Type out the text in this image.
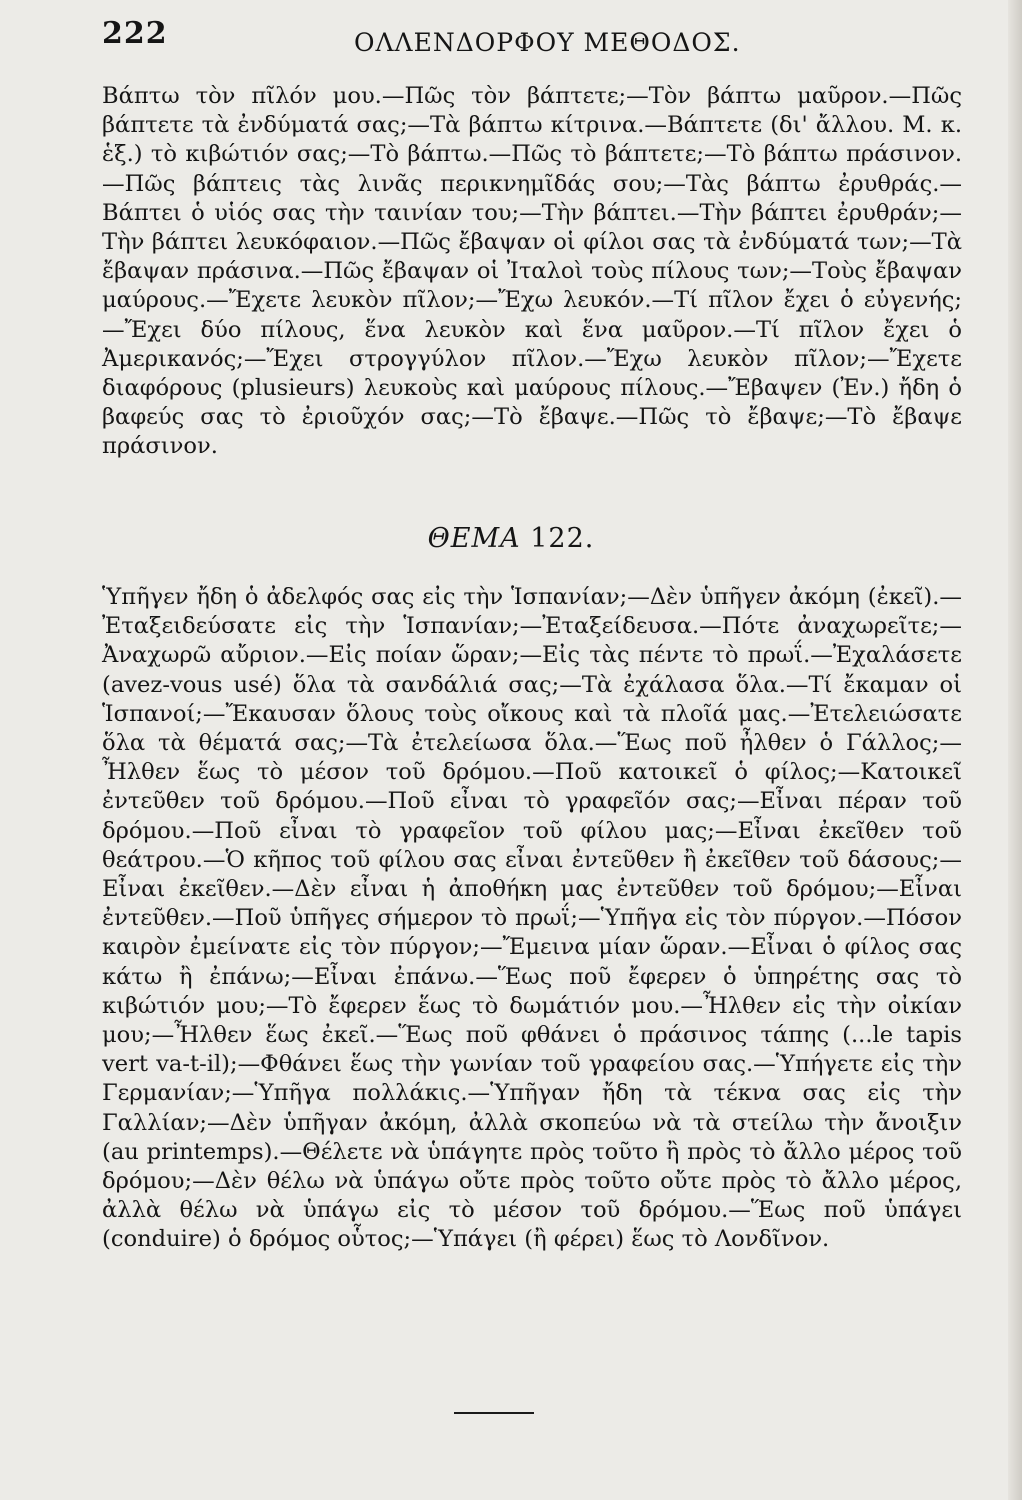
222	ΟΛΛΕΝΔΟΡΦΟΥ ΜΕΘΟΔΟΣ.

Βάπτω τὸν πῖλόν μου.—Πῶς τὸν βάπτετε;—Τὸν βάπτω μαῦρον.—Πῶς βάπτετε τὰ ἐνδύματά σας;—Τὰ βάπτω κίτρινα.—Βάπτετε (δι' ἄλλου. Μ. κ. ἑξ.) τὸ κιβώτιόν σας;—Τὸ βάπτω.—Πῶς τὸ βάπτετε;—Τὸ βάπτω πράσινον.—Πῶς βάπτεις τὰς λινᾶς περικνημῖδάς σου;—Τὰς βάπτω ἐρυθράς.—Βάπτει ὁ υἱός σας τὴν ταινίαν του;—Τὴν βάπτει.—Τὴν βάπτει ἐρυθράν;—Τὴν βάπτει λευκόφαιον.—Πῶς ἔβαψαν οἱ φίλοι σας τὰ ἐνδύματά των;—Τὰ ἔβαψαν πράσινα.—Πῶς ἔβαψαν οἱ Ἰταλοὶ τοὺς πίλους των;—Τοὺς ἔβαψαν μαύρους.—Ἔχετε λευκὸν πῖλον;—Ἔχω λευκόν.—Τί πῖλον ἔχει ὁ εὐγενής;—Ἔχει δύο πίλους, ἕνα λευκὸν καὶ ἕνα μαῦρον.—Τί πῖλον ἔχει ὁ Ἀμερικανός;—Ἔχει στρογγύλον πῖλον.—Ἔχω λευκὸν πῖλον;—Ἔχετε διαφόρους (plusieurs) λευκοὺς καὶ μαύρους πίλους.—Ἔβαψεν (Ἐν.) ἤδη ὁ βαφεύς σας τὸ ἐριοῦχόν σας;—Τὸ ἔβαψε.—Πῶς τὸ ἔβαψε;—Τὸ ἔβαψε πράσινον.

ΘΕΜΑ 122.

Ὑπῆγεν ἤδη ὁ ἀδελφός σας εἰς τὴν Ἱσπανίαν;—Δὲν ὑπῆγεν ἀκόμη (ἐκεῖ).—Ἐταξειδεύσατε εἰς τὴν Ἱσπανίαν;—Ἐταξείδευσα.—Πότε ἀναχωρεῖτε;—Ἀναχωρῶ αὔριον.—Εἰς ποίαν ὥραν;—Εἰς τὰς πέντε τὸ πρωΐ.—Ἐχαλάσετε (avez-vous usé) ὅλα τὰ σανδάλιά σας;—Τὰ ἐχάλασα ὅλα.—Τί ἔκαμαν οἱ Ἱσπανοί;—Ἔκαυσαν ὅλους τοὺς οἴκους καὶ τὰ πλοῖά μας.—Ἐτελειώσατε ὅλα τὰ θέματά σας;—Τὰ ἐτελείωσα ὅλα.—Ἕως ποῦ ἦλθεν ὁ Γάλλος;—Ἦλθεν ἕως τὸ μέσον τοῦ δρόμου.—Ποῦ κατοικεῖ ὁ φίλος;—Κατοικεῖ ἐντεῦθεν τοῦ δρόμου.—Ποῦ εἶναι τὸ γραφεῖόν σας;—Εἶναι πέραν τοῦ δρόμου.—Ποῦ εἶναι τὸ γραφεῖον τοῦ φίλου μας;—Εἶναι ἐκεῖθεν τοῦ θεάτρου.—Ὁ κῆπος τοῦ φίλου σας εἶναι ἐντεῦθεν ἢ ἐκεῖθεν τοῦ δάσους;—Εἶναι ἐκεῖθεν.—Δὲν εἶναι ἡ ἀποθήκη μας ἐντεῦθεν τοῦ δρόμου;—Εἶναι ἐντεῦθεν.—Ποῦ ὑπῆγες σήμερον τὸ πρωΐ;—Ὑπῆγα εἰς τὸν πύργον.—Πόσον καιρὸν ἐμείνατε εἰς τὸν πύργον;—Ἔμεινα μίαν ὥραν.—Εἶναι ὁ φίλος σας κάτω ἢ ἐπάνω;—Εἶναι ἐπάνω.—Ἕως ποῦ ἔφερεν ὁ ὑπηρέτης σας τὸ κιβώτιόν μου;—Τὸ ἔφερεν ἕως τὸ δωμάτιόν μου.—Ἦλθεν εἰς τὴν οἰκίαν μου;—Ἦλθεν ἕως ἐκεῖ.—Ἕως ποῦ φθάνει ὁ πράσινος τάπης (...le tapis vert va-t-il);—Φθάνει ἕως τὴν γωνίαν τοῦ γραφείου σας.—Ὑπήγετε εἰς τὴν Γερμανίαν;—Ὑπῆγα πολλάκις.—Ὑπῆγαν ἤδη τὰ τέκνα σας εἰς τὴν Γαλλίαν;—Δὲν ὑπῆγαν ἀκόμη, ἀλλὰ σκοπεύω νὰ τὰ στείλω τὴν ἄνοιξιν (au printemps).—Θέλετε νὰ ὑπάγητε πρὸς τοῦτο ἢ πρὸς τὸ ἄλλο μέρος τοῦ δρόμου;—Δὲν θέλω νὰ ὑπάγω οὔτε πρὸς τοῦτο οὔτε πρὸς τὸ ἄλλο μέρος, ἀλλὰ θέλω νὰ ὑπάγω εἰς τὸ μέσον τοῦ δρόμου.—Ἕως ποῦ ὑπάγει (conduire) ὁ δρόμος οὗτος;—Ὑπάγει (ἢ φέρει) ἕως τὸ Λονδῖνον.
